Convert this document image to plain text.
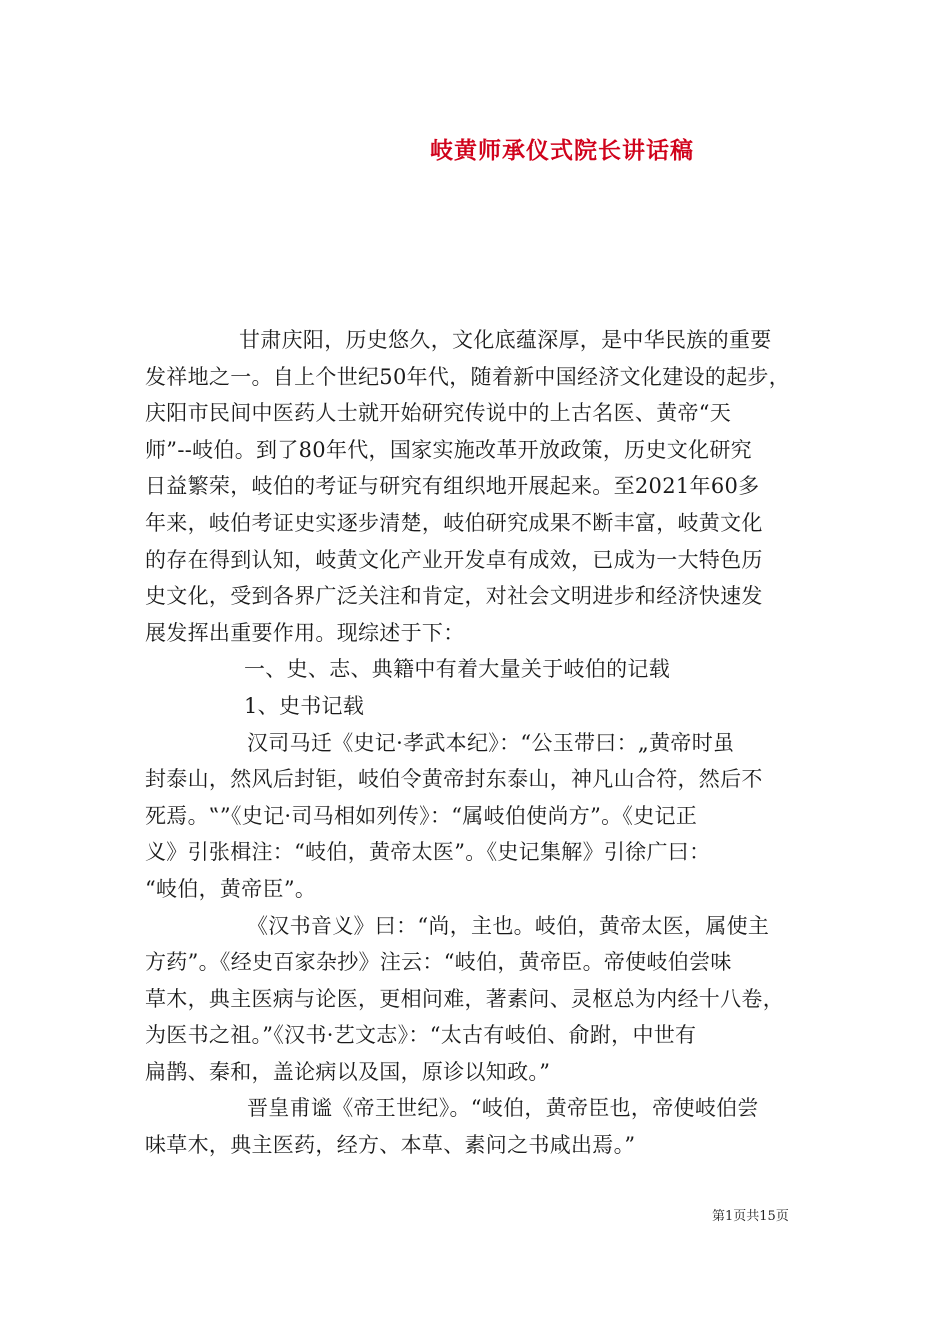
岐黄师承仪式院长讲话稿
甘肃庆阳，历史悠久，文化底蕴深厚，是中华民族的重要
发祥地之一。自上个世纪50年代，随着新中国经济文化建设的起步，
庆阳市民间中医药人士就开始研究传说中的上古名医、黄帝“天
师”--岐伯。到了80年代，国家实施改革开放政策，历史文化研究
日益繁荣，岐伯的考证与研究有组织地开展起来。至2021年60多
年来，岐伯考证史实逐步清楚，岐伯研究成果不断丰富，岐黄文化
的存在得到认知，岐黄文化产业开发卓有成效，已成为一大特色历
史文化，受到各界广泛关注和肯定，对社会文明进步和经济快速发
展发挥出重要作用。现综述于下：
一、史、志、典籍中有着大量关于岐伯的记载
1、史书记载
汉司马迁《史记·孝武本纪》：“公玉带曰：„黄帝时虽
封泰山，然风后封钜，岐伯令黄帝封东泰山，神凡山合符，然后不
死焉。‟”《史记·司马相如列传》：“属岐伯使尚方”。《史记正
义》引张楫注：“岐伯，黄帝太医”。《史记集解》引徐广曰：
“岐伯，黄帝臣”。
《汉书音义》曰：“尚，主也。岐伯，黄帝太医，属使主
方药”。《经史百家杂抄》注云：“岐伯，黄帝臣。帝使岐伯尝味
草木，典主医病与论医，更相问难，著素问、灵枢总为内经十八卷，
为医书之祖。”《汉书·艺文志》：“太古有岐伯、俞跗，中世有
扁鹊、秦和，盖论病以及国，原诊以知政。”
晋皇甫谧《帝王世纪》。“岐伯，黄帝臣也，帝使岐伯尝
味草木，典主医药，经方、本草、素问之书咸出焉。”
第1页共15页
